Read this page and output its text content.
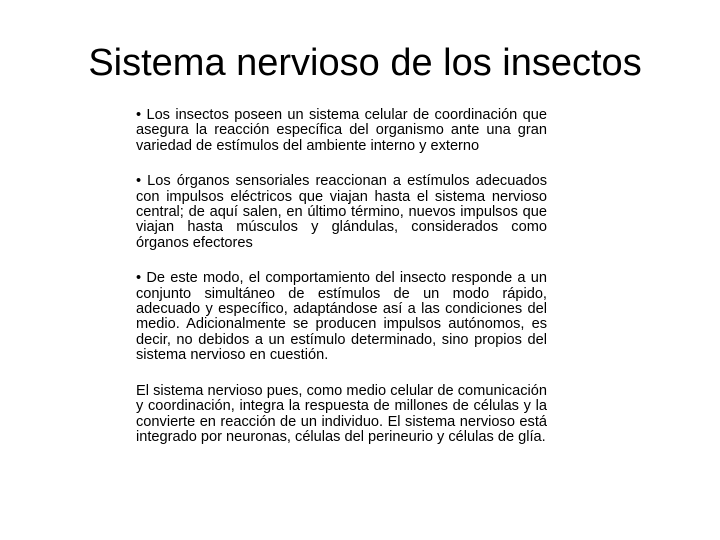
Sistema nervioso de los insectos

• Los insectos poseen un sistema celular de coordinación que asegura la reacción específica del organismo ante una gran variedad de estímulos del ambiente interno y externo

• Los órganos sensoriales reaccionan a estímulos adecuados con impulsos eléctricos que viajan hasta el sistema nervioso central; de aquí salen, en último término, nuevos impulsos que viajan hasta músculos y glándulas, considerados como órganos efectores

• De este modo, el comportamiento del insecto responde a un conjunto simultáneo de estímulos de un modo rápido, adecuado y específico, adaptándose así a las condiciones del medio. Adicionalmente se producen impulsos autónomos, es decir, no debidos a un estímulo determinado, sino propios del sistema nervioso en cuestión.

El sistema nervioso pues, como medio celular de comunicación y coordinación, integra la respuesta de millones de células y la convierte en reacción de un individuo. El sistema nervioso está integrado por neuronas, células del perineurio y células de glía.
